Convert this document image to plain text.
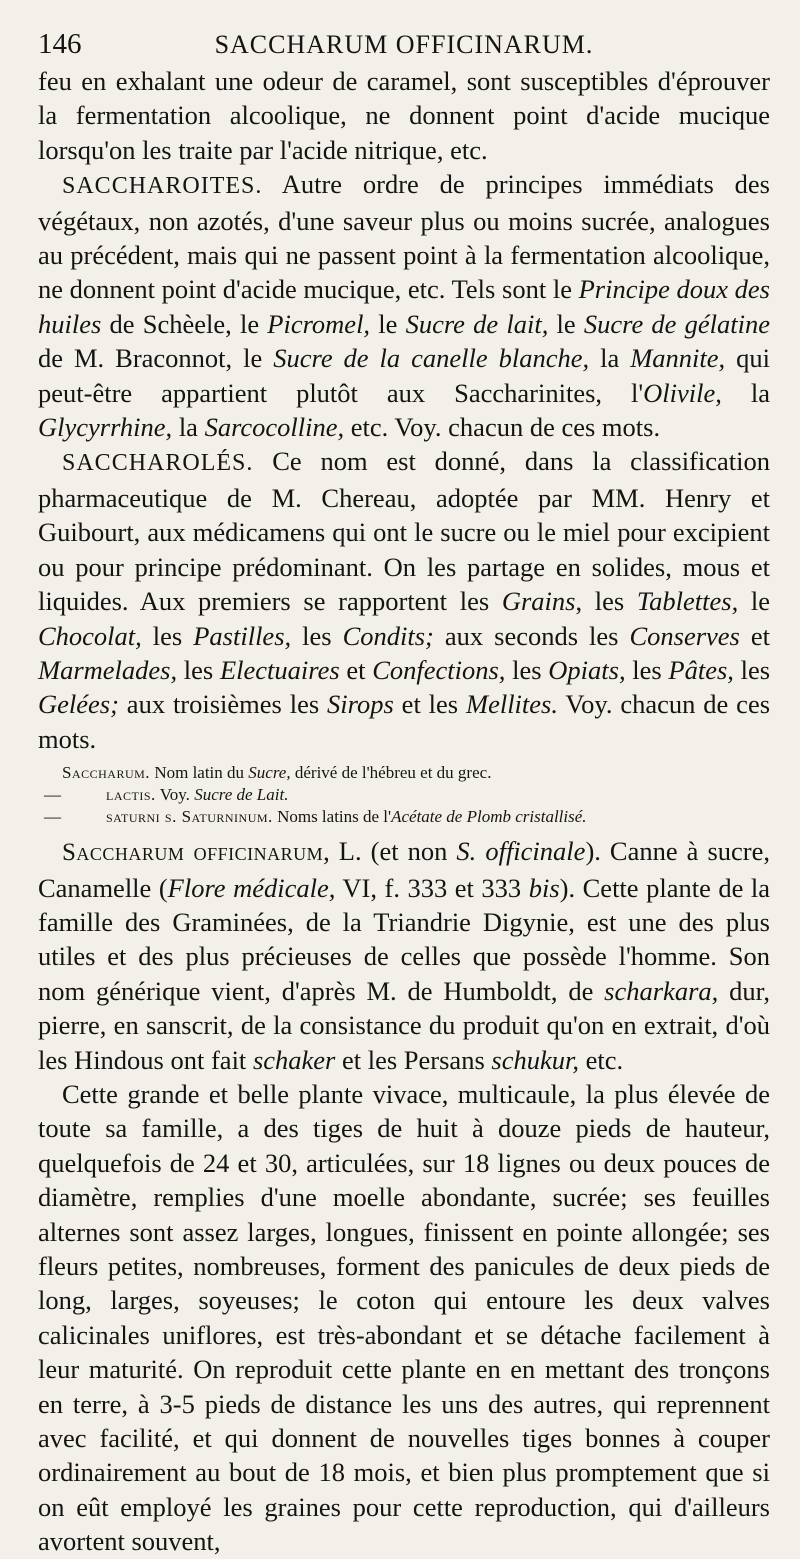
146	SACCHARUM OFFICINARUM.

feu en exhalant une odeur de caramel, sont susceptibles d'éprouver la fermentation alcoolique, ne donnent point d'acide mucique lorsqu'on les traite par l'acide nitrique, etc.

SACCHAROITES. Autre ordre de principes immédiats des végétaux, non azotés, d'une saveur plus ou moins sucrée, analogues au précédent, mais qui ne passent point à la fermentation alcoolique, ne donnent point d'acide mucique, etc. Tels sont le Principe doux des huiles de Schèele, le Picromel, le Sucre de lait, le Sucre de gélatine de M. Braconnot, le Sucre de la canelle blanche, la Mannite, qui peut-être appartient plutôt aux Saccharinites, l'Olivile, la Glycyrrhine, la Sarcocolline, etc. Voy. chacun de ces mots.

SACCHAROLÉS. Ce nom est donné, dans la classification pharmaceutique de M. Chereau, adoptée par MM. Henry et Guibourt, aux médicamens qui ont le sucre ou le miel pour excipient ou pour principe prédominant. On les partage en solides, mous et liquides. Aux premiers se rapportent les Grains, les Tablettes, le Chocolat, les Pastilles, les Condits; aux seconds les Conserves et Marmelades, les Electuaires et Confections, les Opiats, les Pâtes, les Gelées; aux troisièmes les Sirops et les Mellites. Voy. chacun de ces mots.

Saccharum. Nom latin du Sucre, dérivé de l'hébreu et du grec.

—	lactis. Voy. Sucre de Lait.

—	saturni s. Saturninum. Noms latins de l'Acétate de Plomb cristallisé.

Saccharum officinarum, L. (et non S. officinale). Canne à sucre, Canamelle (Flore médicale, VI, f. 333 et 333 bis). Cette plante de la famille des Graminées, de la Triandrie Digynie, est une des plus utiles et des plus précieuses de celles que possède l'homme. Son nom générique vient, d'après M. de Humboldt, de scharkara, dur, pierre, en sanscrit, de la consistance du produit qu'on en extrait, d'où les Hindous ont fait schaker et les Persans schukur, etc.

Cette grande et belle plante vivace, multicaule, la plus élevée de toute sa famille, a des tiges de huit à douze pieds de hauteur, quelquefois de 24 et 30, articulées, sur 18 lignes ou deux pouces de diamètre, remplies d'une moelle abondante, sucrée; ses feuilles alternes sont assez larges, longues, finissent en pointe allongée; ses fleurs petites, nombreuses, forment des panicules de deux pieds de long, larges, soyeuses; le coton qui entoure les deux valves calicinales uniflores, est très-abondant et se détache facilement à leur maturité. On reproduit cette plante en en mettant des tronçons en terre, à 3-5 pieds de distance les uns des autres, qui reprennent avec facilité, et qui donnent de nouvelles tiges bonnes à couper ordinairement au bout de 18 mois, et bien plus promptement que si on eût employé les graines pour cette reproduction, qui d'ailleurs avortent souvent,
